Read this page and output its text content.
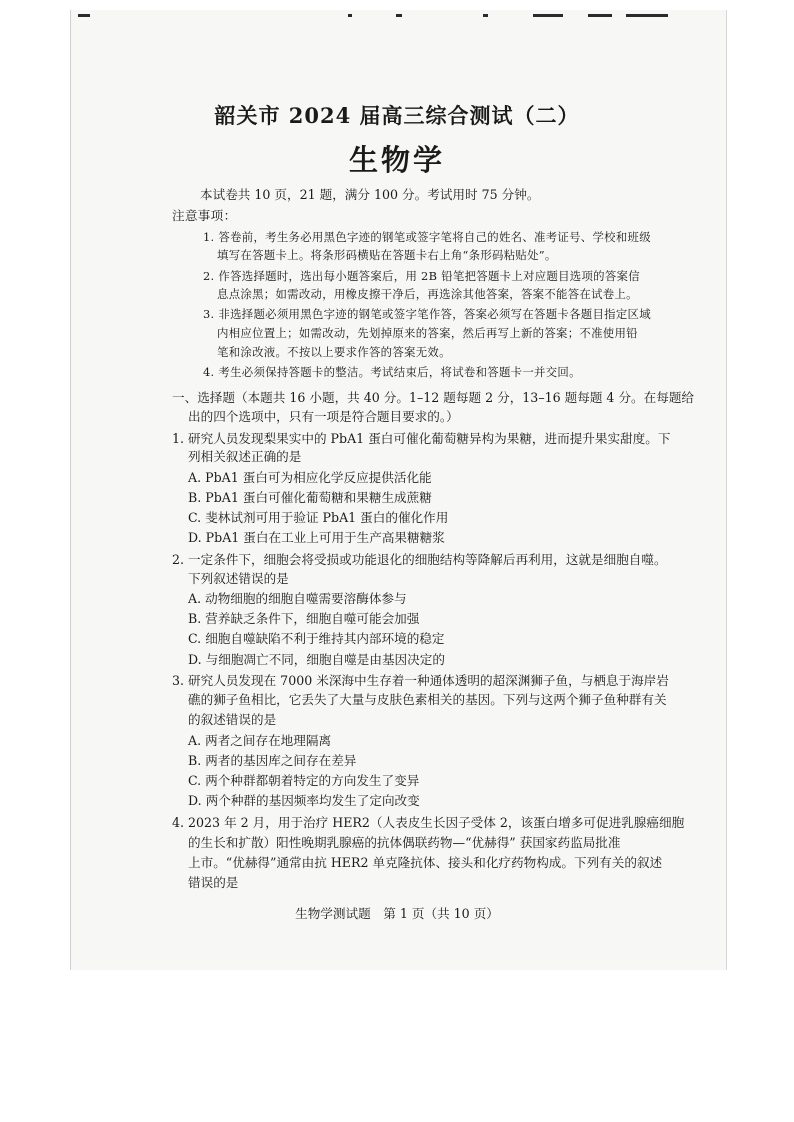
韶关市 2024 届高三综合测试（二）
生物学

本试卷共 10 页，21 题，满分 100 分。考试用时 75 分钟。

注意事项：

1. 答卷前，考生务必用黑色字迹的钢笔或签字笔将自己的姓名、准考证号、学校和班级

填写在答题卡上。将条形码横贴在答题卡右上角“条形码粘贴处”。

2. 作答选择题时，选出每小题答案后，用 2B 铅笔把答题卡上对应题目选项的答案信

息点涂黑；如需改动，用橡皮擦干净后，再选涂其他答案，答案不能答在试卷上。

3. 非选择题必须用黑色字迹的钢笔或签字笔作答，答案必须写在答题卡各题目指定区域

内相应位置上；如需改动，先划掉原来的答案，然后再写上新的答案；不准使用铅

笔和涂改液。不按以上要求作答的答案无效。

4. 考生必须保持答题卡的整洁。考试结束后，将试卷和答题卡一并交回。

一、选择题（本题共 16 小题，共 40 分。1–12 题每题 2 分，13–16 题每题 4 分。在每题给

出的四个选项中，只有一项是符合题目要求的。）

1. 研究人员发现梨果实中的 PbA1 蛋白可催化葡萄糖异构为果糖，进而提升果实甜度。下

列相关叙述正确的是

A. PbA1 蛋白可为相应化学反应提供活化能

B. PbA1 蛋白可催化葡萄糖和果糖生成蔗糖

C. 斐林试剂可用于验证 PbA1 蛋白的催化作用

D. PbA1 蛋白在工业上可用于生产高果糖糖浆

2. 一定条件下，细胞会将受损或功能退化的细胞结构等降解后再利用，这就是细胞自噬。

下列叙述错误的是

A. 动物细胞的细胞自噬需要溶酶体参与

B. 营养缺乏条件下，细胞自噬可能会加强

C. 细胞自噬缺陷不利于维持其内部环境的稳定

D. 与细胞凋亡不同，细胞自噬是由基因决定的

3. 研究人员发现在 7000 米深海中生存着一种通体透明的超深渊狮子鱼，与栖息于海岸岩

礁的狮子鱼相比，它丢失了大量与皮肤色素相关的基因。下列与这两个狮子鱼种群有关

的叙述错误的是

A. 两者之间存在地理隔离

B. 两者的基因库之间存在差异

C. 两个种群都朝着特定的方向发生了变异

D. 两个种群的基因频率均发生了定向改变

4. 2023 年 2 月，用于治疗 HER2（人表皮生长因子受体 2，该蛋白增多可促进乳腺癌细胞

的生长和扩散）阳性晚期乳腺癌的抗体偶联药物—“优赫得” 获国家药监局批准

上市。“优赫得”通常由抗 HER2 单克隆抗体、接头和化疗药物构成。下列有关的叙述

错误的是

生物学测试题　第 1 页（共 10 页）
